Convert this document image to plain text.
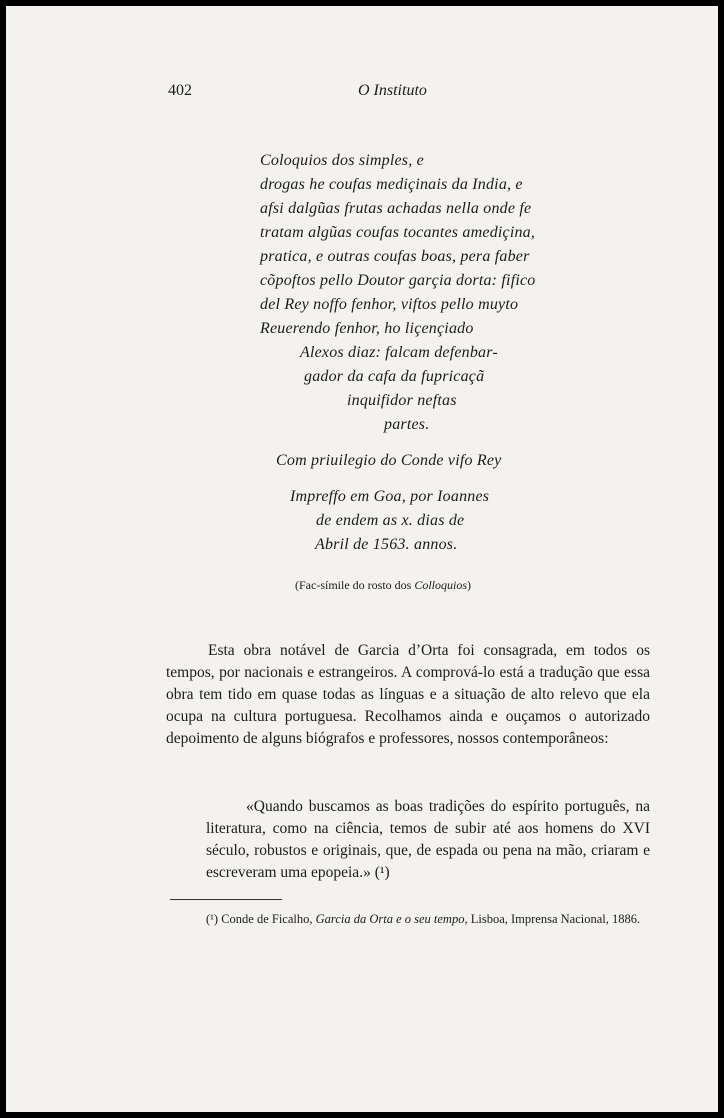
402	O Instituto
Coloquios dos simples, e
drogas he coufas mediçinais da India, e
afsi dalgũas frutas achadas nella onde fe
tratam algũas coufas tocantes amediçina,
pratica, e outras coufas boas, pera faber
cõpoftos pello Doutor garçia dorta: fifico
del Rey noffo fenhor, viftos pello muyto
Reuerendo fenhor, ho liçençiado
Alexos diaz: falcam defenbar-
gador da cafa da fupricaçã
inquifidor neftas
partes.
Com priuilegio do Conde vifo Rey
Impreffo em Goa, por Ioannes
de endem as x. dias de
Abril de 1563. annos.
(Fac-símile do rosto dos Colloquios)

Esta obra notável de Garcia d’Orta foi consagrada, em todos os tempos, por nacionais e estrangeiros. A comprová-lo está a tradução que essa obra tem tido em quase todas as línguas e a situação de alto relevo que ela ocupa na cultura portuguesa. Recolhamos ainda e ouçamos o autorizado depoimento de alguns biógrafos e professores, nossos contemporâneos:

«Quando buscamos as boas tradições do espírito português, na literatura, como na ciência, temos de subir até aos homens do XVI século, robustos e originais, que, de espada ou pena na mão, criaram e escreveram uma epopeia.» (¹)

(¹) Conde de Ficalho, Garcia da Orta e o seu tempo, Lisboa, Imprensa Nacional, 1886.
